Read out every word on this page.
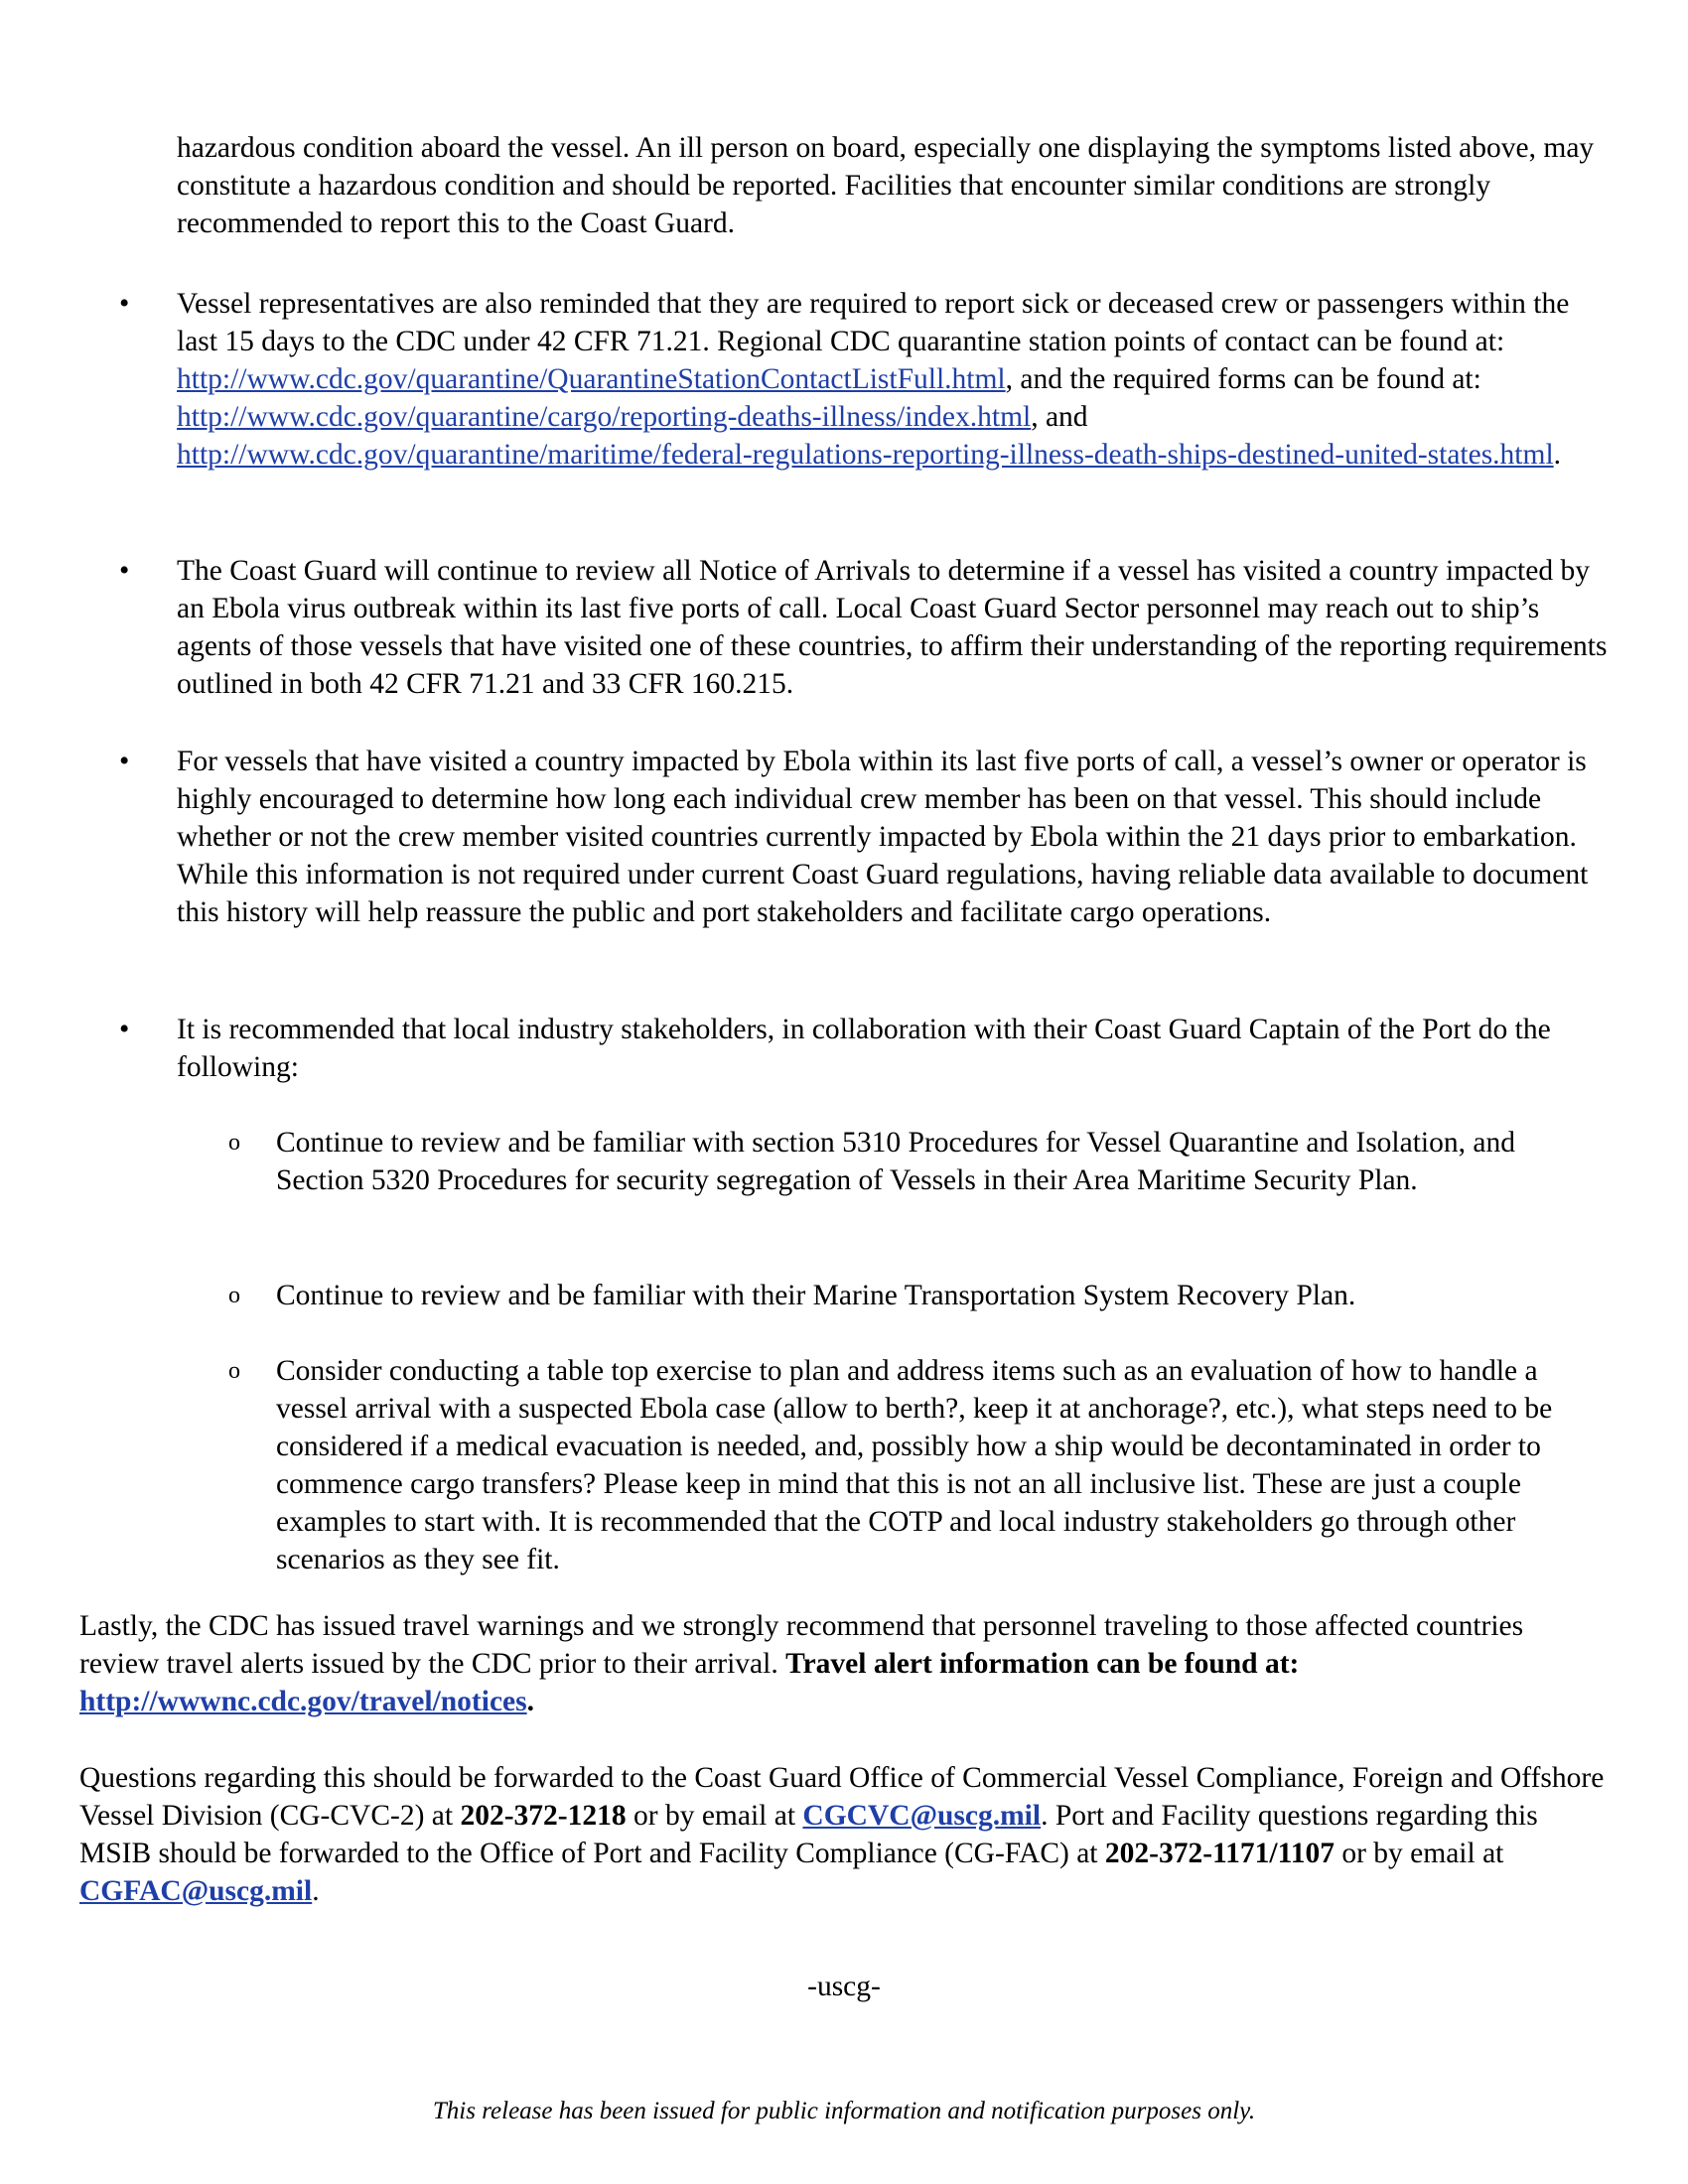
hazardous condition aboard the vessel. An ill person on board, especially one displaying the symptoms listed above, may constitute a hazardous condition and should be reported. Facilities that encounter similar conditions are strongly recommended to report this to the Coast Guard.
•	Vessel representatives are also reminded that they are required to report sick or deceased crew or passengers within the last 15 days to the CDC under 42 CFR 71.21. Regional CDC quarantine station points of contact can be found at: http://www.cdc.gov/quarantine/QuarantineStationContactListFull.html, and the required forms can be found at: http://www.cdc.gov/quarantine/cargo/reporting-deaths-illness/index.html, and http://www.cdc.gov/quarantine/maritime/federal-regulations-reporting-illness-death-ships-destined-united-states.html.
•	The Coast Guard will continue to review all Notice of Arrivals to determine if a vessel has visited a country impacted by an Ebola virus outbreak within its last five ports of call. Local Coast Guard Sector personnel may reach out to ship’s agents of those vessels that have visited one of these countries, to affirm their understanding of the reporting requirements outlined in both 42 CFR 71.21 and 33 CFR 160.215.
•	For vessels that have visited a country impacted by Ebola within its last five ports of call, a vessel’s owner or operator is highly encouraged to determine how long each individual crew member has been on that vessel. This should include whether or not the crew member visited countries currently impacted by Ebola within the 21 days prior to embarkation. While this information is not required under current Coast Guard regulations, having reliable data available to document this history will help reassure the public and port stakeholders and facilitate cargo operations.
•	It is recommended that local industry stakeholders, in collaboration with their Coast Guard Captain of the Port do the following:
o	Continue to review and be familiar with section 5310 Procedures for Vessel Quarantine and Isolation, and Section 5320 Procedures for security segregation of Vessels in their Area Maritime Security Plan.
o	Continue to review and be familiar with their Marine Transportation System Recovery Plan.
o	Consider conducting a table top exercise to plan and address items such as an evaluation of how to handle a vessel arrival with a suspected Ebola case (allow to berth?, keep it at anchorage?, etc.), what steps need to be considered if a medical evacuation is needed, and, possibly how a ship would be decontaminated in order to commence cargo transfers? Please keep in mind that this is not an all inclusive list. These are just a couple examples to start with. It is recommended that the COTP and local industry stakeholders go through other scenarios as they see fit.
Lastly, the CDC has issued travel warnings and we strongly recommend that personnel traveling to those affected countries review travel alerts issued by the CDC prior to their arrival. Travel alert information can be found at: http://wwwnc.cdc.gov/travel/notices.
Questions regarding this should be forwarded to the Coast Guard Office of Commercial Vessel Compliance, Foreign and Offshore Vessel Division (CG-CVC-2) at 202-372-1218 or by email at CGCVC@uscg.mil. Port and Facility questions regarding this MSIB should be forwarded to the Office of Port and Facility Compliance (CG-FAC) at 202-372-1171/1107 or by email at CGFAC@uscg.mil.
-uscg-
This release has been issued for public information and notification purposes only.
